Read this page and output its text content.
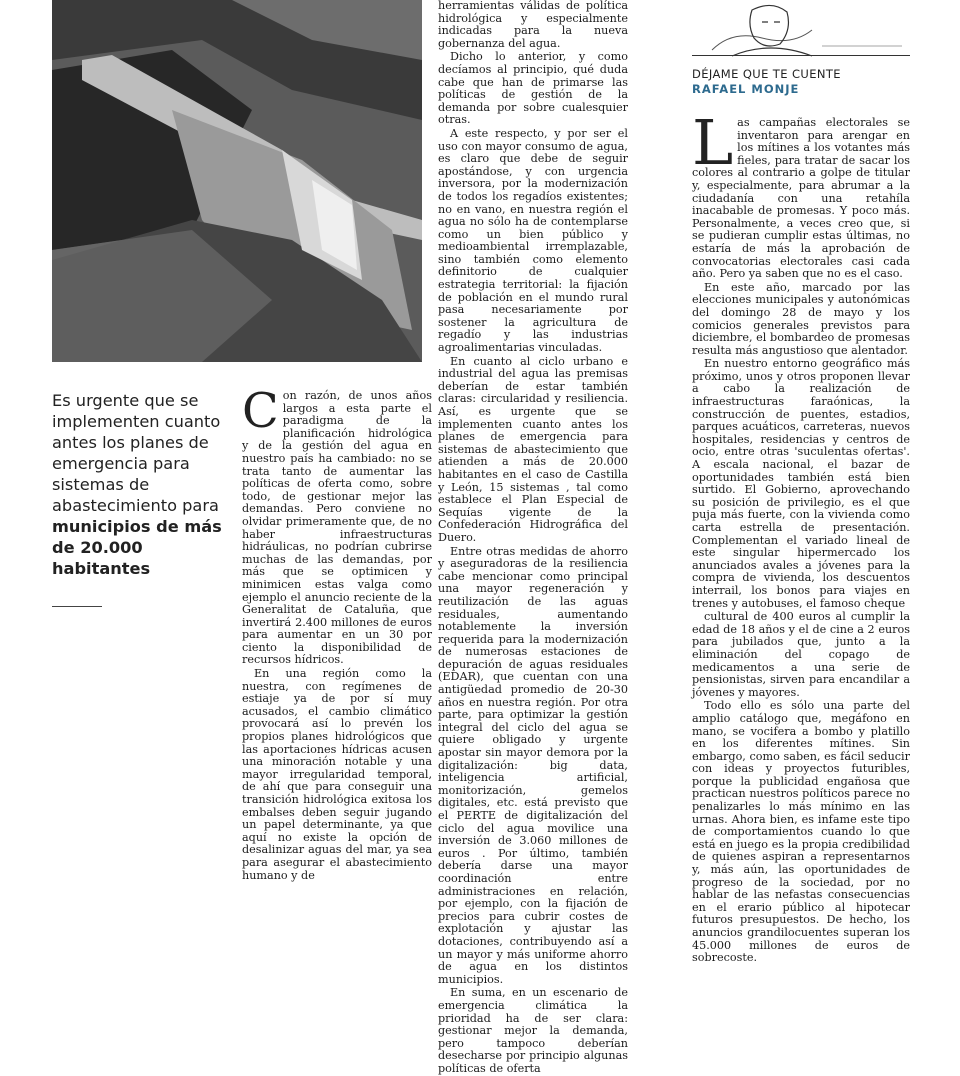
Es urgente que se implementen cuanto antes los planes de emergencia para sistemas de abastecimiento para municipios de más de 20.000 habitantes

Con razón, de unos años largos a esta parte el paradigma de la planificación hidrológica y de la gestión del agua en nuestro país ha cambiado: no se trata tanto de aumentar las políticas de oferta como, sobre todo, de gestionar mejor las demandas. Pero conviene no olvidar primeramente que, de no haber infraestructuras hidráulicas, no podrían cubrirse muchas de las demandas, por más que se optimicen y minimicen estas valga como ejemplo el anuncio reciente de la Generalitat de Cataluña, que invertirá 2.400 millones de euros para aumentar en un 30 por ciento la disponibilidad de recursos hídricos.

En una región como la nuestra, con regímenes de estiaje ya de por sí muy acusados, el cambio climático provocará así lo prevén los propios planes hidrológicos que las aportaciones hídricas acusen una minoración notable y una mayor irregularidad temporal, de ahí que para conseguir una transición hidrológica exitosa los embalses deben seguir jugando un papel determinante, ya que aquí no existe la opción de desalinizar aguas del mar, ya sea para asegurar el abastecimiento humano y de

herramientas válidas de política hidrológica y especialmente indicadas para la nueva gobernanza del agua.

Dicho lo anterior, y como decíamos al principio, qué duda cabe que han de primarse las políticas de gestión de la demanda por sobre cualesquier otras.

A este respecto, y por ser el uso con mayor consumo de agua, es claro que debe de seguir apostándose, y con urgencia inversora, por la modernización de todos los regadíos existentes; no en vano, en nuestra región el agua no sólo ha de contemplarse como un bien público y medioambiental irremplazable, sino también como elemento definitorio de cualquier estrategia territorial: la fijación de población en el mundo rural pasa necesariamente por sostener la agricultura de regadío y las industrias agroalimentarias vinculadas.

En cuanto al ciclo urbano e industrial del agua las premisas deberían de estar también claras: circularidad y resiliencia. Así, es urgente que se implementen cuanto antes los planes de emergencia para sistemas de abastecimiento que atienden a más de 20.000 habitantes en el caso de Castilla y León, 15 sistemas , tal como establece el Plan Especial de Sequías vigente de la Confederación Hidrográfica del Duero.

Entre otras medidas de ahorro y aseguradoras de la resiliencia cabe mencionar como principal una mayor regeneración y reutilización de las aguas residuales, aumentando notablemente la inversión requerida para la modernización de numerosas estaciones de depuración de aguas residuales (EDAR), que cuentan con una antigüedad promedio de 20-30 años en nuestra región. Por otra parte, para optimizar la gestión integral del ciclo del agua se quiere obligado y urgente apostar sin mayor demora por la digitalización: big data, inteligencia artificial, monitorización, gemelos digitales, etc. está previsto que el PERTE de digitalización del ciclo del agua movilice una inversión de 3.060 millones de euros . Por último, también debería darse una mayor coordinación entre administraciones en relación, por ejemplo, con la fijación de precios para cubrir costes de explotación y ajustar las dotaciones, contribuyendo así a un mayor y más uniforme ahorro de agua en los distintos municipios.

En suma, en un escenario de emergencia climática la prioridad ha de ser clara: gestionar mejor la demanda, pero tampoco deberían desecharse por principio algunas políticas de oferta

DÉJAME QUE TE CUENTE
RAFAEL MONJE

Las campañas electorales se inventaron para arengar en los mítines a los votantes más fieles, para tratar de sacar los colores al contrario a golpe de titular y, especialmente, para abrumar a la ciudadanía con una retahíla inacabable de promesas. Y poco más. Personalmente, a veces creo que, si se pudieran cumplir estas últimas, no estaría de más la aprobación de convocatorias electorales casi cada año. Pero ya saben que no es el caso.

En este año, marcado por las elecciones municipales y autonómicas del domingo 28 de mayo y los comicios generales previstos para diciembre, el bombardeo de promesas resulta más angustioso que alentador.

En nuestro entorno geográfico más próximo, unos y otros proponen llevar a cabo la realización de infraestructuras faraónicas, la construcción de puentes, estadios, parques acuáticos, carreteras, nuevos hospitales, residencias y centros de ocio, entre otras 'suculentas ofertas'. A escala nacional, el bazar de oportunidades también está bien surtido. El Gobierno, aprovechando su posición de privilegio, es el que puja más fuerte, con la vivienda como carta estrella de presentación. Complementan el variado lineal de este singular hipermercado los anunciados avales a jóvenes para la compra de vivienda, los descuentos interrail, los bonos para viajes en trenes y autobuses, el famoso cheque

cultural de 400 euros al cumplir la edad de 18 años y el de cine a 2 euros para jubilados que, junto a la eliminación del copago de medicamentos a una serie de pensionistas, sirven para encandilar a jóvenes y mayores.

Todo ello es sólo una parte del amplio catálogo que, megáfono en mano, se vocifera a bombo y platillo en los diferentes mítines. Sin embargo, como saben, es fácil seducir con ideas y proyectos futuribles, porque la publicidad engañosa que practican nuestros políticos parece no penalizarles lo más mínimo en las urnas. Ahora bien, es infame este tipo de comportamientos cuando lo que está en juego es la propia credibilidad de quienes aspiran a representarnos y, más aún, las oportunidades de progreso de la sociedad, por no hablar de las nefastas consecuencias en el erario público al hipotecar futuros presupuestos. De hecho, los anuncios grandilocuentes superan los 45.000 millones de euros de sobrecoste.
